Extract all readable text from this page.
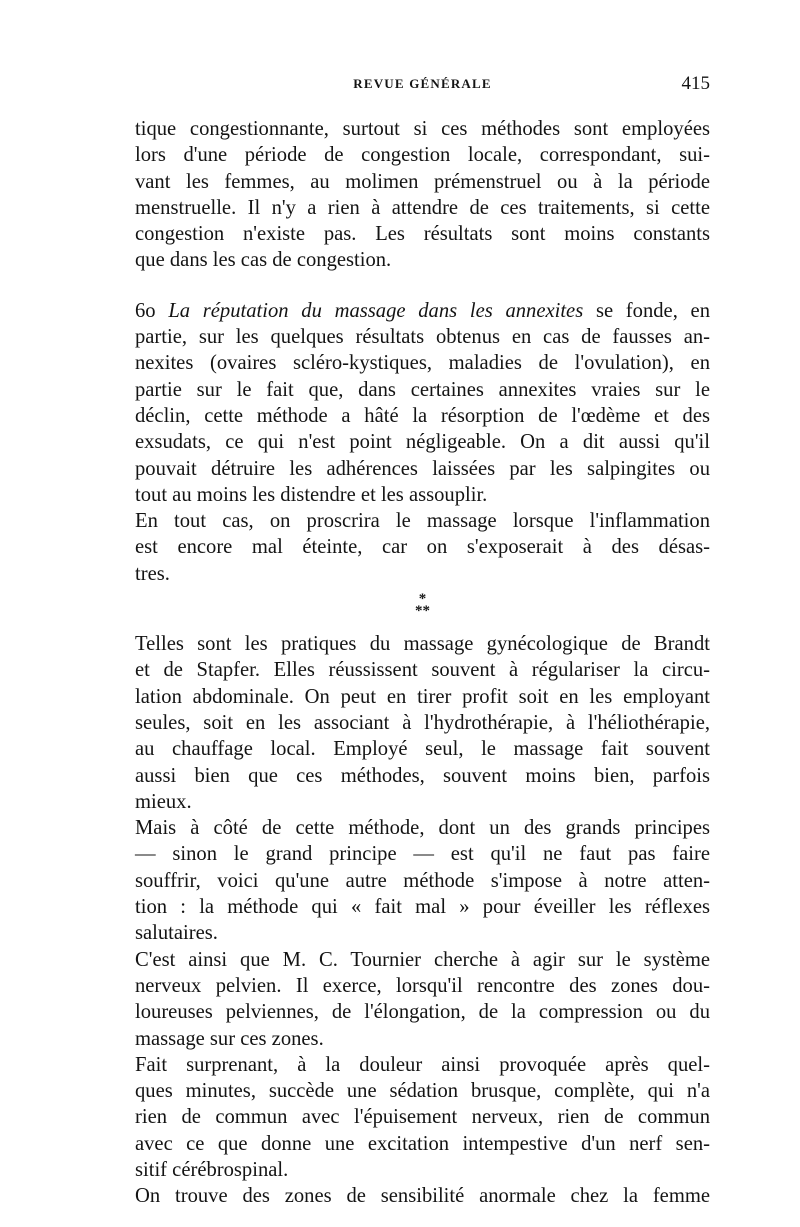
REVUE GÉNÉRALE	415

tique congestionnante, surtout si ces méthodes sont employées

lors d'une période de congestion locale, correspondant, sui-

vant les femmes, au molimen prémenstruel ou à la période

menstruelle. Il n'y a rien à attendre de ces traitements, si cette

congestion n'existe pas. Les résultats sont moins constants

que dans les cas de congestion.

6o La réputation du massage dans les annexites se fonde, en

partie, sur les quelques résultats obtenus en cas de fausses an-

nexites (ovaires scléro-kystiques, maladies de l'ovulation), en

partie sur le fait que, dans certaines annexites vraies sur le

déclin, cette méthode a hâté la résorption de l'œdème et des

exsudats, ce qui n'est point négligeable. On a dit aussi qu'il

pouvait détruire les adhérences laissées par les salpingites ou

tout au moins les distendre et les assouplir.

En tout cas, on proscrira le massage lorsque l'inflammation

est encore mal éteinte, car on s'exposerait à des désas-

tres.

*
**

Telles sont les pratiques du massage gynécologique de Brandt

et de Stapfer. Elles réussissent souvent à régulariser la circu-

lation abdominale. On peut en tirer profit soit en les employant

seules, soit en les associant à l'hydrothérapie, à l'héliothérapie,

au chauffage local. Employé seul, le massage fait souvent

aussi bien que ces méthodes, souvent moins bien, parfois

mieux.

Mais à côté de cette méthode, dont un des grands principes

— sinon le grand principe — est qu'il ne faut pas faire

souffrir, voici qu'une autre méthode s'impose à notre atten-

tion : la méthode qui « fait mal » pour éveiller les réflexes

salutaires.

C'est ainsi que M. C. Tournier cherche à agir sur le système

nerveux pelvien. Il exerce, lorsqu'il rencontre des zones dou-

loureuses pelviennes, de l'élongation, de la compression ou du

massage sur ces zones.

Fait surprenant, à la douleur ainsi provoquée après quel-

ques minutes, succède une sédation brusque, complète, qui n'a

rien de commun avec l'épuisement nerveux, rien de commun

avec ce que donne une excitation intempestive d'un nerf sen-

sitif cérébrospinal.

On trouve des zones de sensibilité anormale chez la femme
